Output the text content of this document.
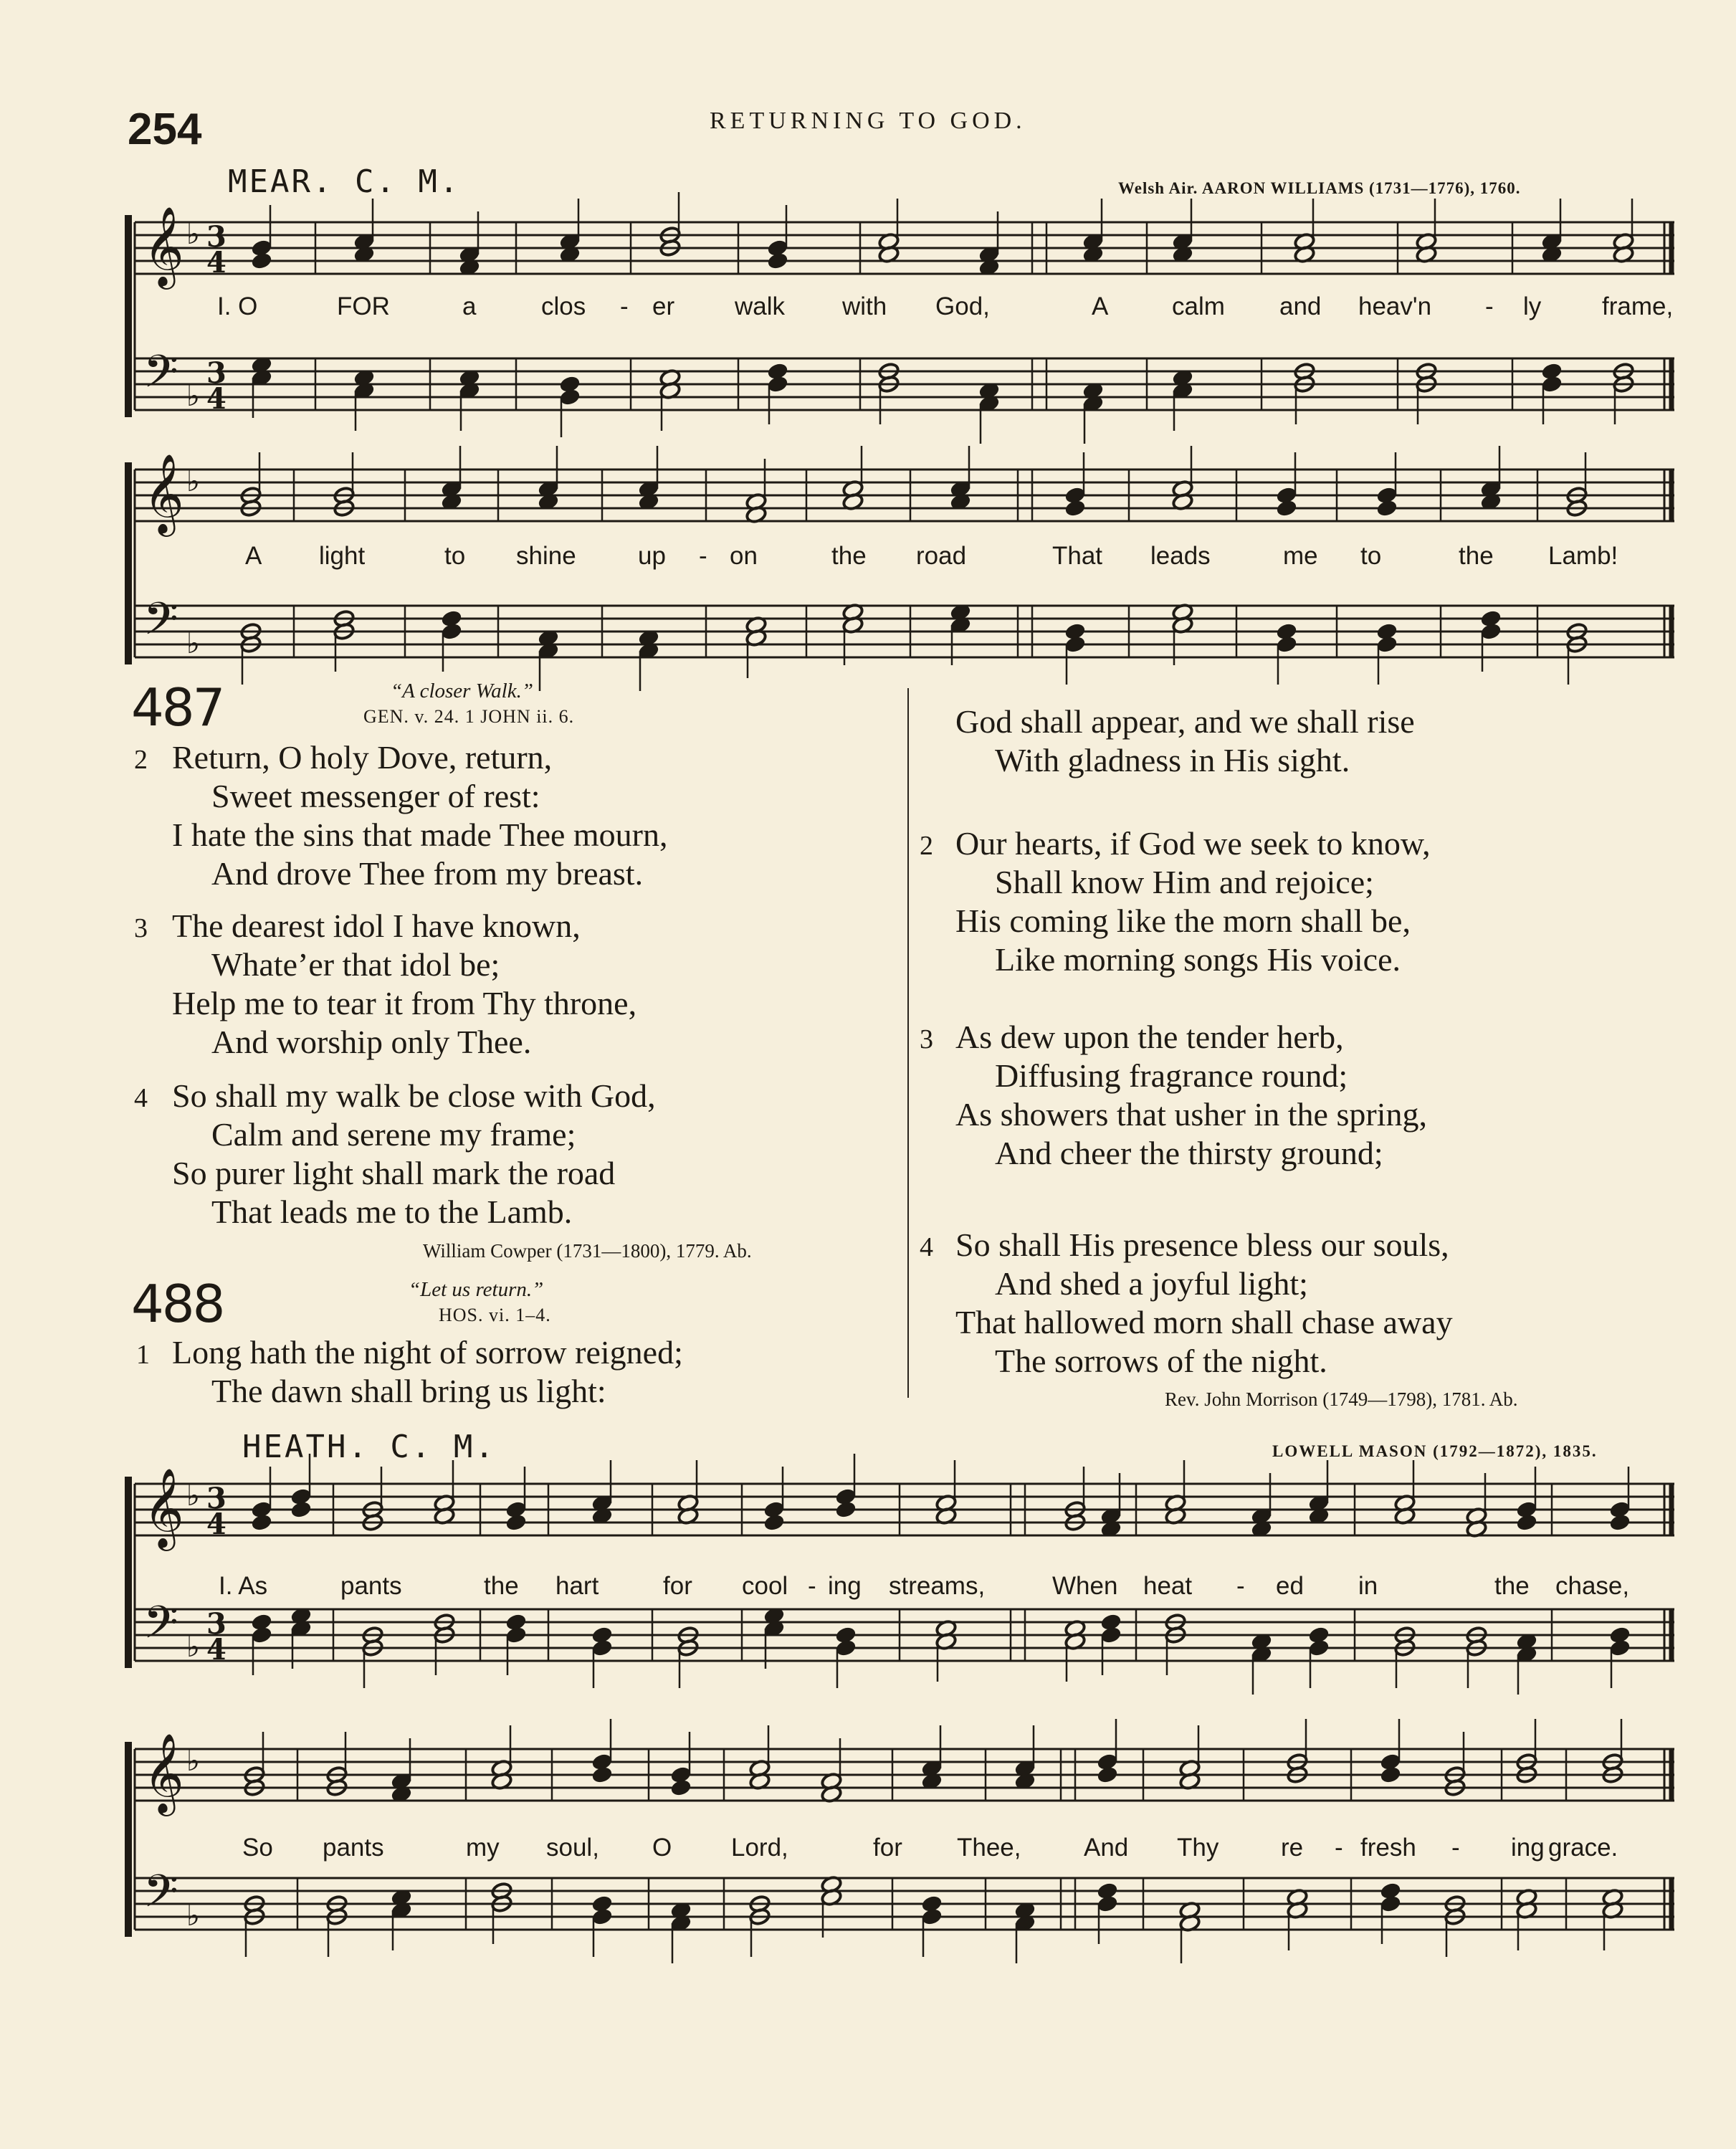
254	RETURNING TO GOD.
MEAR. C. M.	Welsh Air. AARON WILLIAMS (1731—1776), 1760.
HEATH. C. M.	LOWELL MASON (1792—1872), 1835.
𝄞
𝄢
♭
♭
3
3
4
4
𝄞
𝄢
♭
♭
𝄞
𝄢
♭
♭
3
3
4
4
𝄞
𝄢
♭
♭
I. O	FOR	a	clos - er walk with God,	A	calm and heav'n - ly frame,
A light	to shine up - on	the road	That leads	me to	the Lamb!
I. As	pants	the hart	for cool - ing streams,	When heat - ed in	the chase,
So pants	my soul, O Lord,	for Thee,	And Thy re - fresh - ing grace.
487	“A closer Walk.”
GEN. v. 24. 1 JOHN ii. 6.
2 Return, O holy Dove, return,
Sweet messenger of rest:
I hate the sins that made Thee mourn,
And drove Thee from my breast.
3 The dearest idol I have known,
Whate’er that idol be;
Help me to tear it from Thy throne,
And worship only Thee.
4 So shall my walk be close with God,
Calm and serene my frame;
So purer light shall mark the road
That leads me to the Lamb.
William Cowper (1731—1800), 1779. Ab.
488	“Let us return.”
HOS. vi. 1–4.
1 Long hath the night of sorrow reigned;
The dawn shall bring us light:
God shall appear, and we shall rise
With gladness in His sight.
2 Our hearts, if God we seek to know,
Shall know Him and rejoice;
His coming like the morn shall be,
Like morning songs His voice.
3 As dew upon the tender herb,
Diffusing fragrance round;
As showers that usher in the spring,
And cheer the thirsty ground;
4 So shall His presence bless our souls,
And shed a joyful light;
That hallowed morn shall chase away
The sorrows of the night.
Rev. John Morrison (1749—1798), 1781. Ab.
